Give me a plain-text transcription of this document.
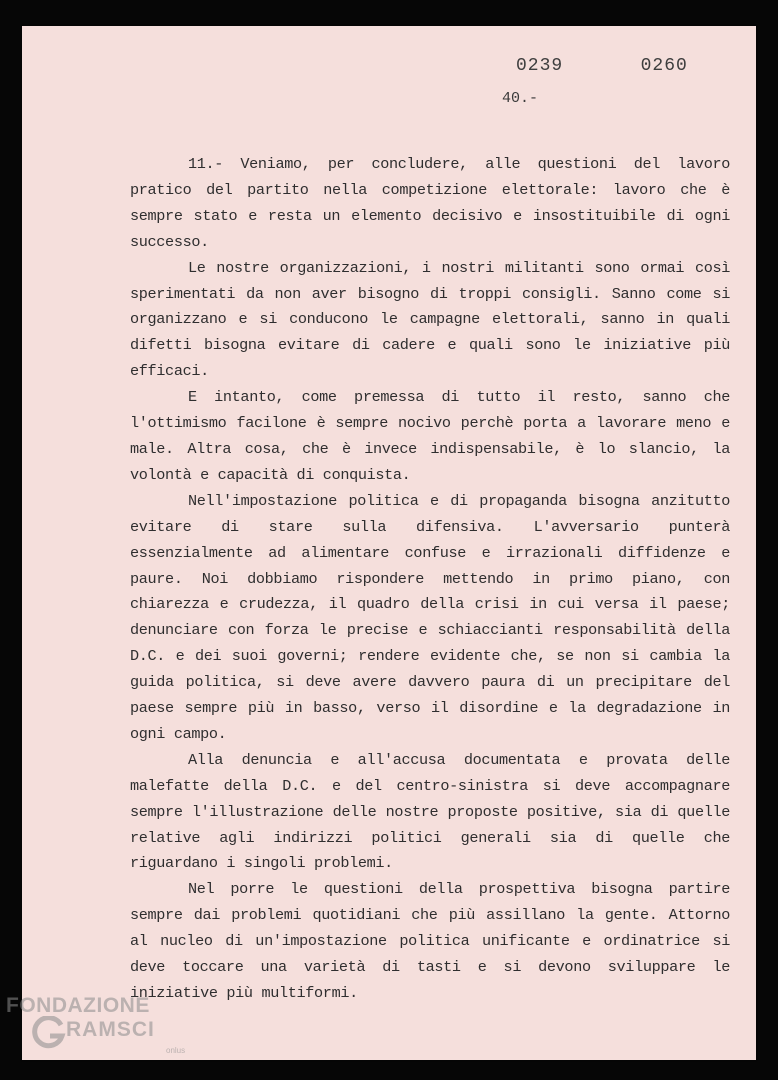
0239   0260
40.-
11.- Veniamo, per concludere, alle questioni del lavoro pratico del partito nella competizione elettorale: lavoro che è sempre stato e resta un elemento decisivo e insostituibile di ogni successo.
Le nostre organizzazioni, i nostri militanti sono ormai così sperimentati da non aver bisogno di troppi consigli. Sanno come si organizzano e si conducono le campagne elettorali, sanno in quali difetti bisogna evitare di cadere e quali sono le iniziative più efficaci.
E intanto, come premessa di tutto il resto, sanno che l'ottimismo facilone è sempre nocivo perchè porta a lavorare meno e male. Altra cosa, che è invece indispensabile, è lo slancio, la volontà e capacità di conquista.
Nell'impostazione politica e di propaganda bisogna anzitutto evitare di stare sulla difensiva. L'avversario punterà essenzialmente ad alimentare confuse e irrazionali diffidenze e paure. Noi dobbiamo rispondere mettendo in primo piano, con chiarezza e crudezza, il quadro della crisi in cui versa il paese; denunciare con forza le precise e schiaccianti responsabilità della D.C. e dei suoi governi; rendere evidente che, se non si cambia la guida politica, si deve avere davvero paura di un precipitare del paese sempre più in basso, verso il disordine e la degradazione in ogni campo.
Alla denuncia e all'accusa documentata e provata delle malefatte della D.C. e del centro-sinistra si deve accompagnare sempre l'illustrazione delle nostre proposte positive, sia di quelle relative agli indirizzi politici generali sia di quelle che riguardano i singoli problemi.
Nel porre le questioni della prospettiva bisogna partire sempre dai problemi quotidiani che più assillano la gente. Attorno al nucleo di un'impostazione politica unificante e ordinatrice si deve toccare una varietà di tasti e si devono sviluppare le iniziative più multiformi.
FONDAZIONE
RAMSCI
onlus
